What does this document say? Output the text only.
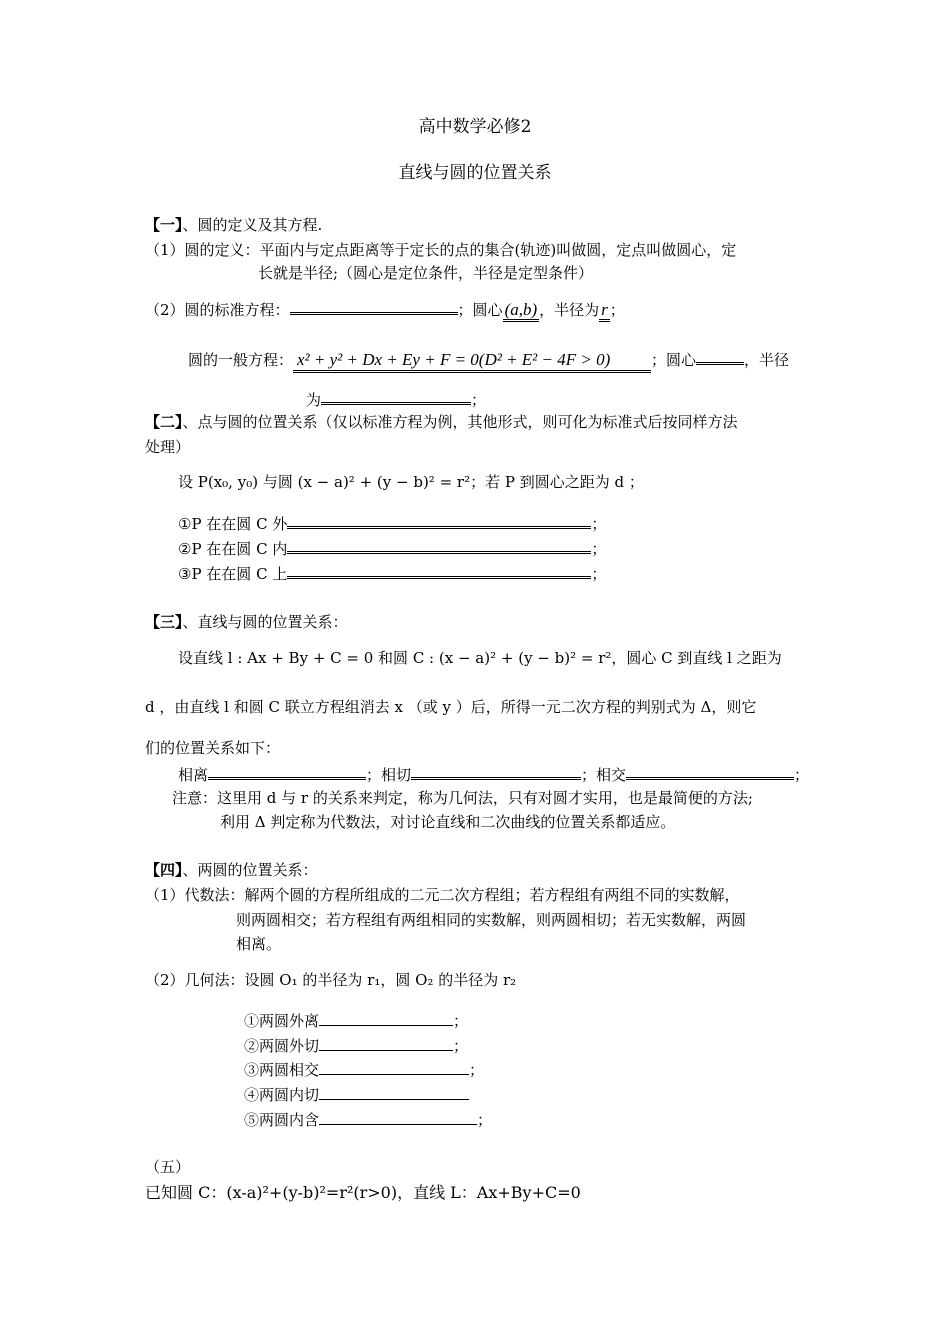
高中数学必修2
直线与圆的位置关系
【一】、圆的定义及其方程.
（1）圆的定义：平面内与定点距离等于定长的点的集合(轨迹)叫做圆，定点叫做圆心，定
长就是半径;（圆心是定位条件，半径是定型条件）
（2）圆的标准方程：	；圆心 (a,b) ，半径为 r ；
圆的一般方程： x² + y² + Dx + Ey + F = 0(D² + E² − 4F > 0)	；圆心	，半径
为	；
【二】、点与圆的位置关系（仅以标准方程为例，其他形式，则可化为标准式后按同样方法
处理）
设 P(x₀, y₀) 与圆 (x − a)² + (y − b)² = r²；若 P 到圆心之距为 d ；
①P 在在圆 C 外	；
②P 在在圆 C 内	；
③P 在在圆 C 上	；
【三】、直线与圆的位置关系：
设直线 l : Ax + By + C = 0 和圆 C : (x − a)² + (y − b)² = r²，圆心 C 到直线 l 之距为
d ，由直线 l 和圆 C 联立方程组消去 x （或 y ）后，所得一元二次方程的判别式为 Δ，则它
们的位置关系如下：
相离	；相切	；相交	；
注意：这里用 d 与 r 的关系来判定，称为几何法，只有对圆才实用，也是最简便的方法;
利用 Δ 判定称为代数法，对讨论直线和二次曲线的位置关系都适应。
【四】、两圆的位置关系：
（1）代数法：解两个圆的方程所组成的二元二次方程组；若方程组有两组不同的实数解，
则两圆相交；若方程组有两组相同的实数解，则两圆相切；若无实数解，两圆
相离。
（2）几何法：设圆 O₁ 的半径为 r₁，圆 O₂ 的半径为 r₂
①两圆外离	；
②两圆外切	；
③两圆相交	；
④两圆内切
⑤两圆内含	；
（五）
已知圆 C：(x-a)²+(y-b)²=r²(r>0)，直线 L：Ax+By+C=0
